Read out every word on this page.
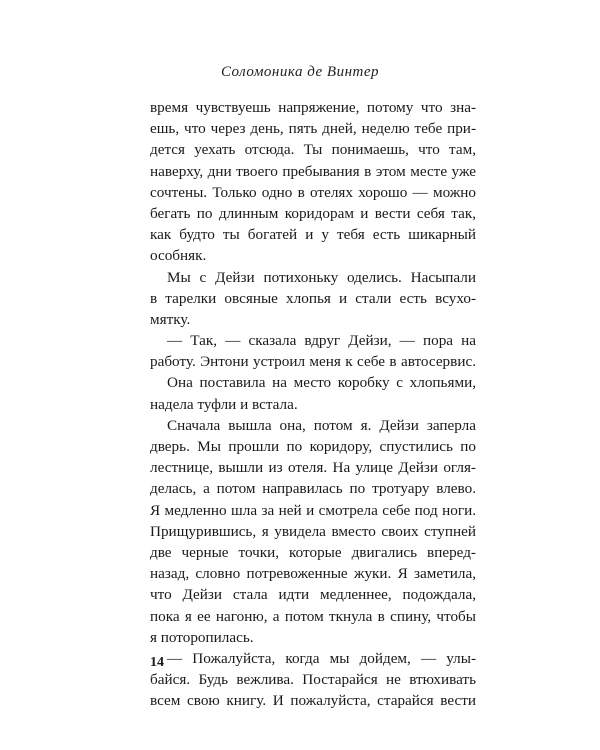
Соломоника де Винтер
время чувствуешь напряжение, потому что зна-
ешь, что через день, пять дней, неделю тебе при-
дется уехать отсюда. Ты понимаешь, что там,
наверху, дни твоего пребывания в этом месте уже
сочтены. Только одно в отелях хорошо — можно
бегать по длинным коридорам и вести себя так,
как будто ты богатей и у тебя есть шикарный
особняк.
Мы с Дейзи потихоньку оделись. Насыпали
в тарелки овсяные хлопья и стали есть всухо-
мятку.
— Так, — сказала вдруг Дейзи, — пора на
работу. Энтони устроил меня к себе в автосервис.
Она поставила на место коробку с хлопьями,
надела туфли и встала.
Сначала вышла она, потом я. Дейзи заперла
дверь. Мы прошли по коридору, спустились по
лестнице, вышли из отеля. На улице Дейзи огля-
делась, а потом направилась по тротуару влево.
Я медленно шла за ней и смотрела себе под ноги.
Прищурившись, я увидела вместо своих ступней
две черные точки, которые двигались вперед-
назад, словно потревоженные жуки. Я заметила,
что Дейзи стала идти медленнее, подождала,
пока я ее нагоню, а потом ткнула в спину, чтобы
я поторопилась.
— Пожалуйста, когда мы дойдем, — улы-
байся. Будь вежлива. Постарайся не втюхивать
всем свою книгу. И пожалуйста, старайся вести
14
